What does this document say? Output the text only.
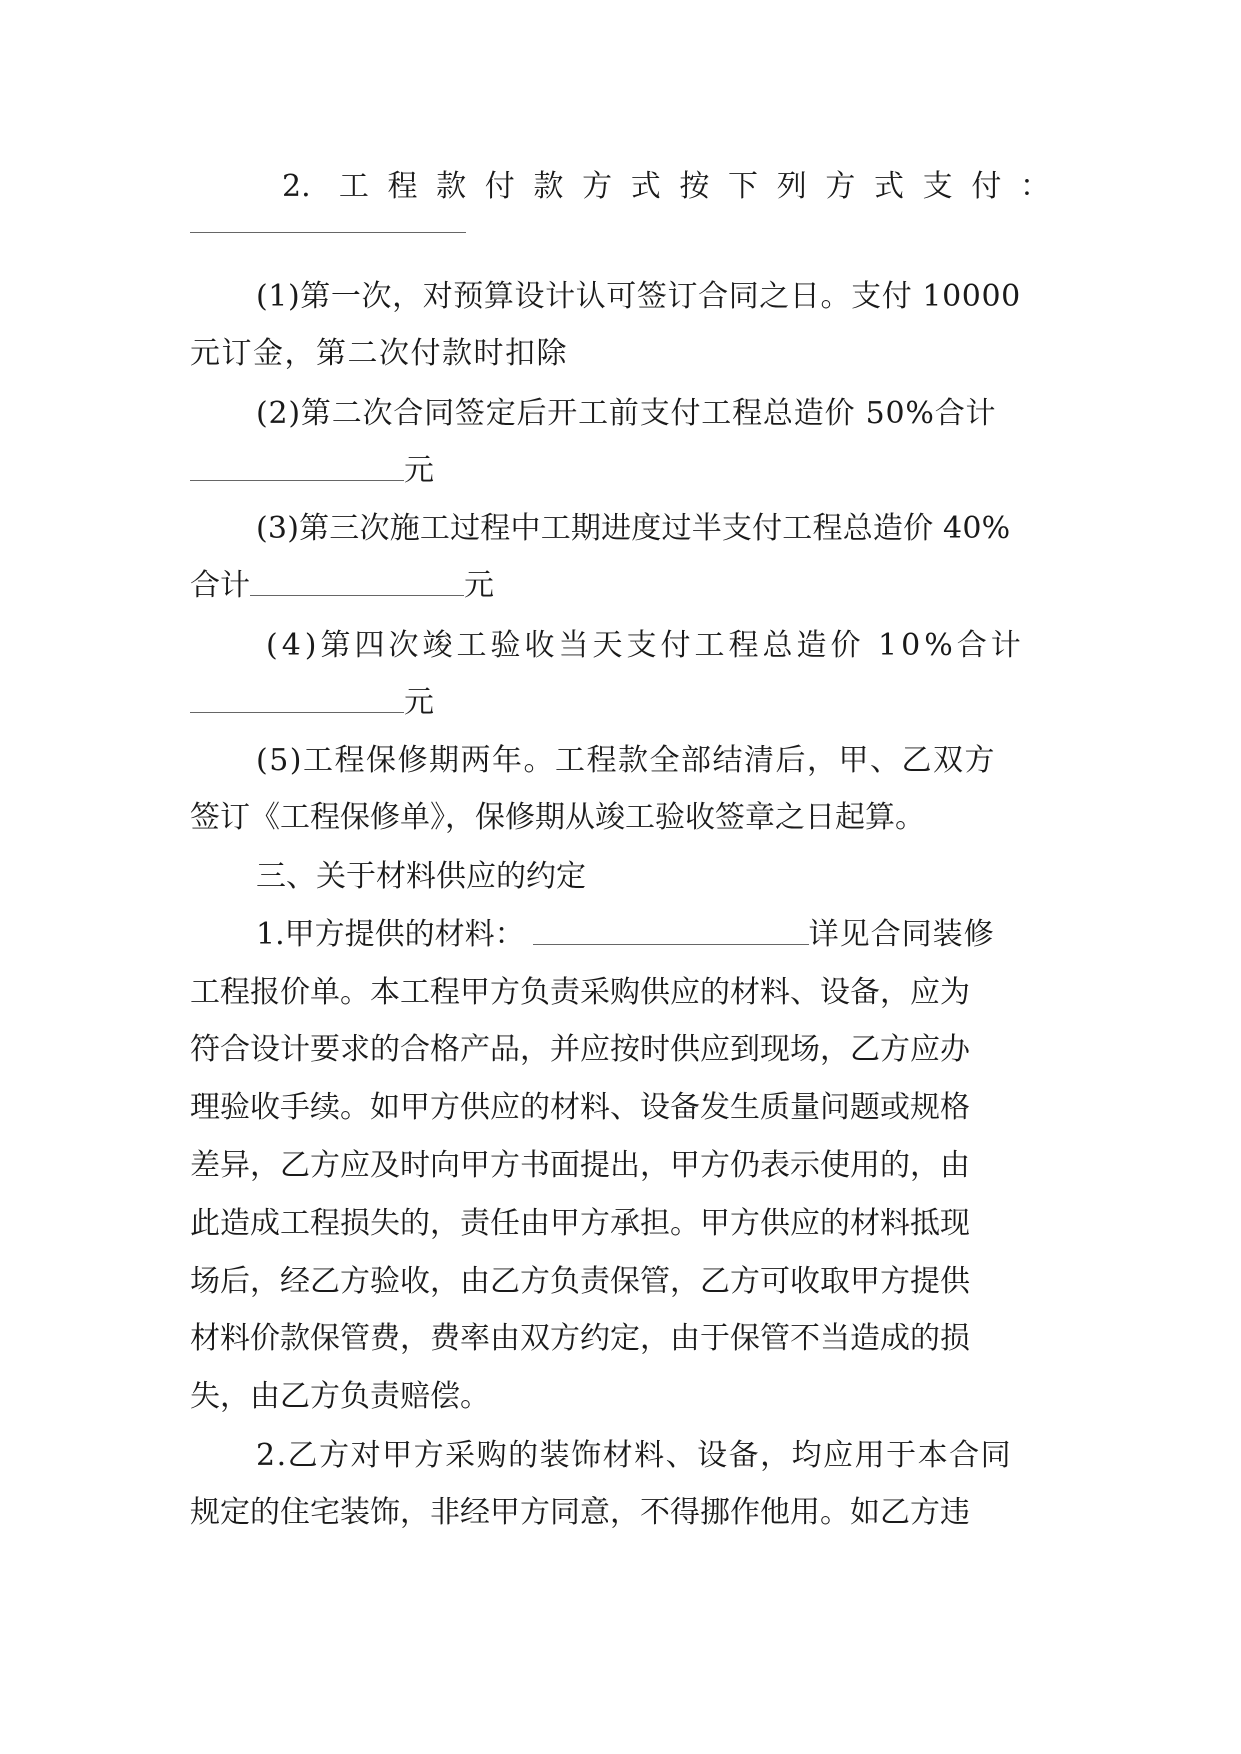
2. 工程款付款方式按下列方式支付：
(1)第一次，对预算设计认可签订合同之日。支付 10000
元订金，第二次付款时扣除
(2)第二次合同签定后开工前支付工程总造价 50%合计
元
(3)第三次施工过程中工期进度过半支付工程总造价 40%
合计	元
(4)第四次竣工验收当天支付工程总造价 10%合计
元
(5)工程保修期两年。工程款全部结清后，甲、乙双方
签订《工程保修单》，保修期从竣工验收签章之日起算。
三、关于材料供应的约定
1.甲方提供的材料：	详见合同装修
工程报价单。本工程甲方负责采购供应的材料、设备，应为
符合设计要求的合格产品，并应按时供应到现场，乙方应办
理验收手续。如甲方供应的材料、设备发生质量问题或规格
差异，乙方应及时向甲方书面提出，甲方仍表示使用的，由
此造成工程损失的，责任由甲方承担。甲方供应的材料抵现
场后，经乙方验收，由乙方负责保管，乙方可收取甲方提供
材料价款保管费，费率由双方约定，由于保管不当造成的损
失，由乙方负责赔偿。
2.乙方对甲方采购的装饰材料、设备，均应用于本合同
规定的住宅装饰，非经甲方同意，不得挪作他用。如乙方违
